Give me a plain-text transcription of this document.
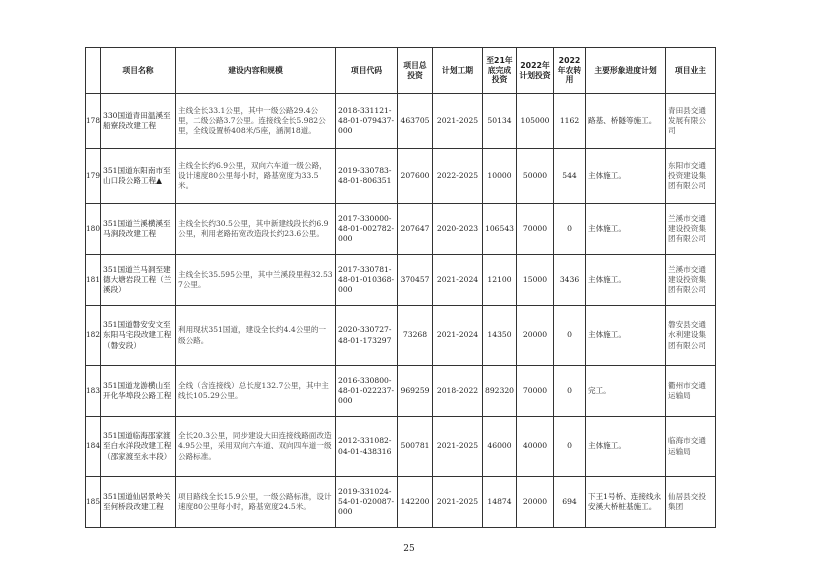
	项目名称	建设内容和规模	项目代码	项目总投资	计划工期	至21年底完成投资	2022年计划投资	2022年农转用	主要形象进度计划	项目业主
178	330国道青田温溪至船寮段改建工程	主线全长33.1公里，其中一级公路29.4公里，二级公路3.7公里。连接线全长5.982公里，全线设置桥408米/5座，涵洞18道。	2018-331121-48-01-079437-000	463705	2021-2025	50134	105000	1162	路基、桥隧等施工。	青田县交通发展有限公司
179	351国道东阳南市至山口段公路工程▲	主线全长约6.9公里，双向六车道一级公路，设计速度80公里每小时，路基宽度为33.5米。	2019-330783-48-01-806351	207600	2022-2025	10000	50000	544	主体施工。	东阳市交通投资建设集团有限公司
180	351国道兰溪横溪至马涧段改建工程	主线全长约30.5公里，其中新建线段长约6.9公里，利用老路拓宽改造段长约23.6公里。	2017-330000-48-01-002782-000	207647	2020-2023	106543	70000	0	主体施工。	兰溪市交通建设投资集团有限公司
181	351国道兰马洞至建德大塘岩段工程（兰溪段）	主线全长35.595公里，其中兰溪段里程32.537公里。	2017-330781-48-01-010368-000	370457	2021-2024	12100	15000	3436	主体施工。	兰溪市交通建设投资集团有限公司
182	351国道磐安安文至东阳马宅段改建工程（磐安段）	利用现状351国道，建设全长约4.4公里的一级公路。	2020-330727-48-01-173297	73268	2021-2024	14350	20000	0	主体施工。	磐安县交通水利建设集团有限公司
183	351国道龙游横山至开化华埠段公路工程	全线（含连接线）总长度132.7公里，其中主线长105.29公里。	2016-330800-48-01-022237-000	969259	2018-2022	892320	70000	0	完工。	衢州市交通运输局
184	351国道临海邵家渡至白水洋段改建工程（邵家渡至永丰段）	全长20.3公里，同步建设大田连接线路面改造4.95公里，采用双向六车道、双向四车道一级公路标准。	2012-331082-04-01-438316	500781	2021-2025	46000	40000	0	主体施工。	临海市交通运输局
185	351国道仙居景岭关至何桥段改建工程	项目路线全长15.9公里，一级公路标准，设计速度80公里每小时，路基宽度24.5米。	2019-331024-54-01-020087-000	142200	2021-2025	14874	20000	694	下王1号桥、连接线永安溪大桥桩基施工。	仙居县交投集团
25
